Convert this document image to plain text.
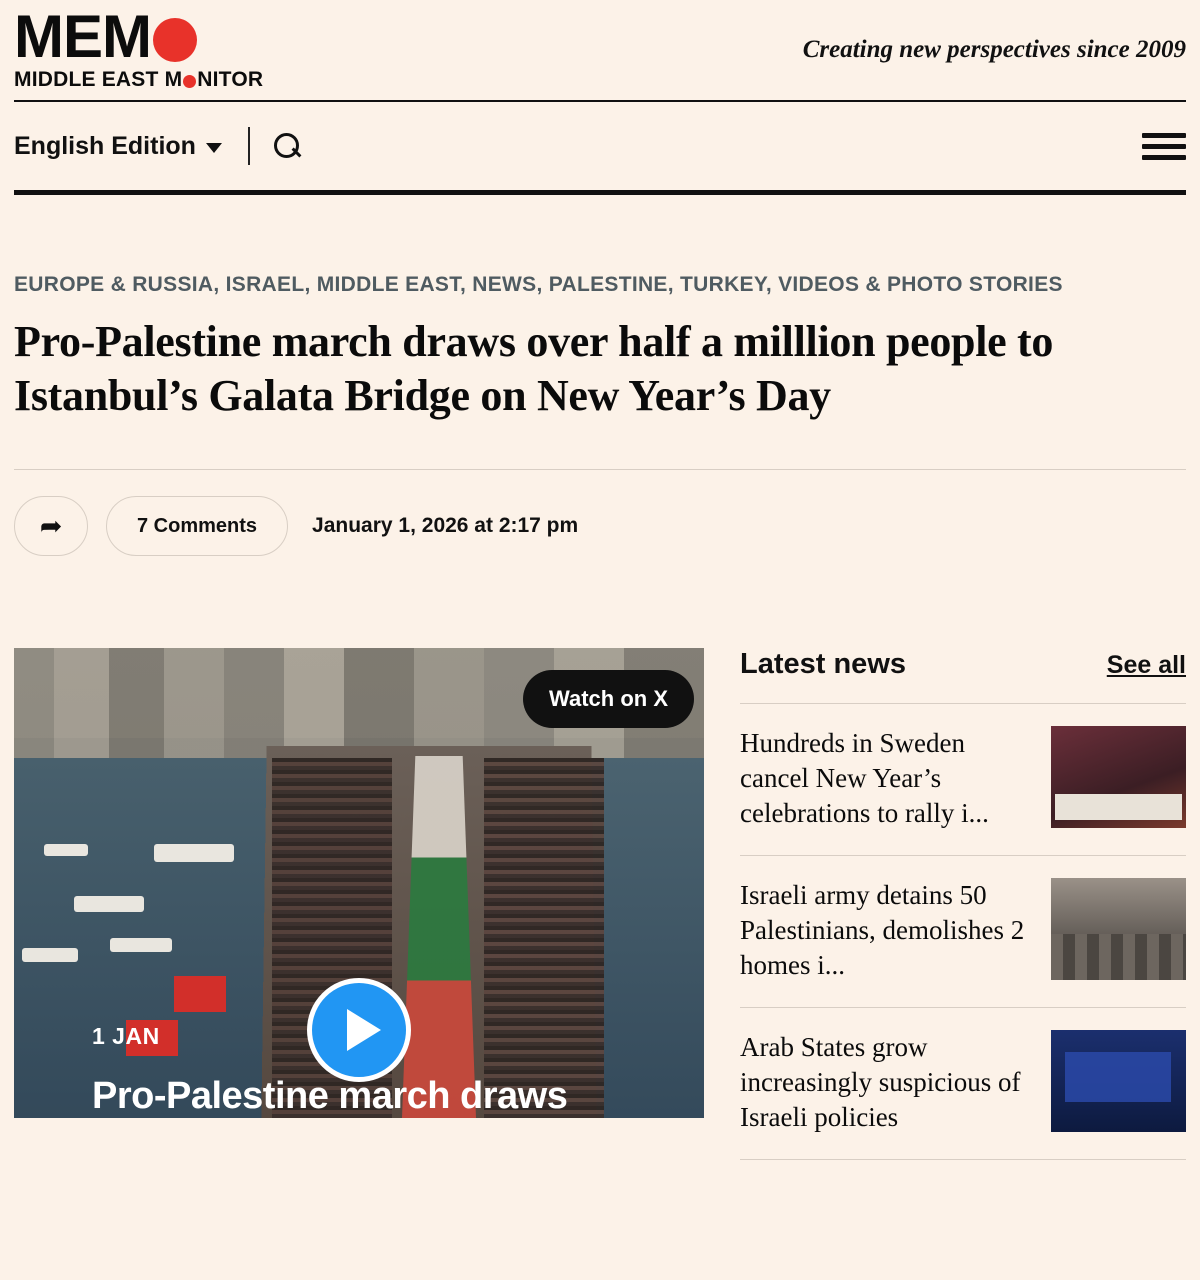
MEM
MIDDLE EAST M NITOR
Creating new perspectives since 2009
English Edition
EUROPE & RUSSIA, ISRAEL, MIDDLE EAST, NEWS, PALESTINE, TURKEY, VIDEOS & PHOTO STORIES
Pro-Palestine march draws over half a milllion people to Istanbul’s Galata Bridge on New Year’s Day
➦	7 Comments	January 1, 2026 at 2:17 pm
Watch on X
1 JAN
Pro-Palestine march draws
Latest news	See all
Hundreds in Sweden cancel New Year’s celebrations to rally i...
Israeli army detains 50 Palestinians, demolishes 2 homes i...
Arab States grow increasingly suspicious of Israeli policies
